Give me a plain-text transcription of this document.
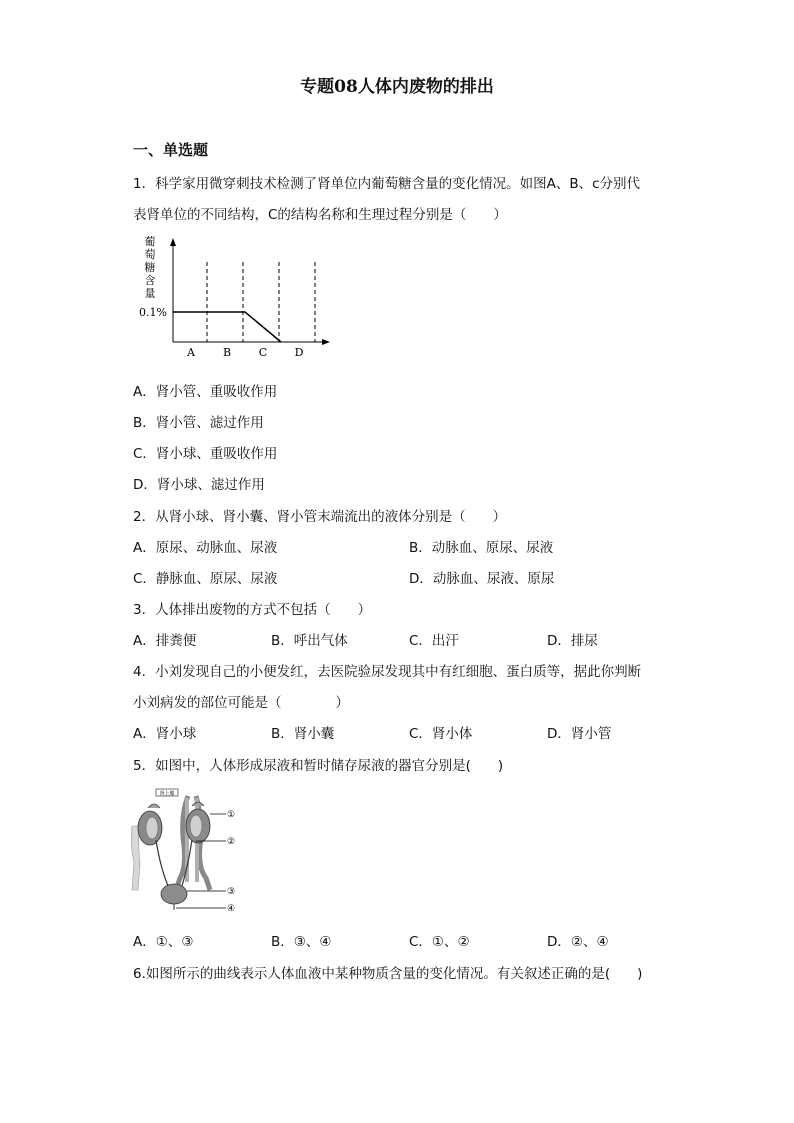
专题08人体内废物的排出
一、单选题
1．科学家用微穿刺技术检测了肾单位内葡萄糖含量的变化情况。如图A、B、c分别代
表肾单位的不同结构，C的结构名称和生理过程分别是（　　）
葡
萄
糖
含
量
0.1%
A	B	C D
A．肾小管、重吸收作用
B．肾小管、滤过作用
C．肾小球、重吸收作用
D．肾小球、滤过作用
2．从肾小球、肾小囊、肾小管末端流出的液体分别是（　　）
A．原尿、动脉血、尿液	B．动脉血、原尿、尿液
C．静脉血、原尿、尿液	D．动脉血、尿液、原尿
3．人体排出废物的方式不包括（　　）
A．排粪便	B．呼出气体	C．出汗	D．排尿
4．小刘发现自己的小便发红，去医院验尿发现其中有红细胞、蛋白质等，据此你判断
小刘病发的部位可能是（　　　　）
A．肾小球	B．肾小囊	C．肾小体	D．肾小管
5．如图中，人体形成尿液和暂时储存尿液的器官分别是(　　)
肾上腺
①
②
③
④
A．①、③	B．③、④	C．①、②	D．②、④
6.如图所示的曲线表示人体血液中某种物质含量的变化情况。有关叙述正确的是(　　)
